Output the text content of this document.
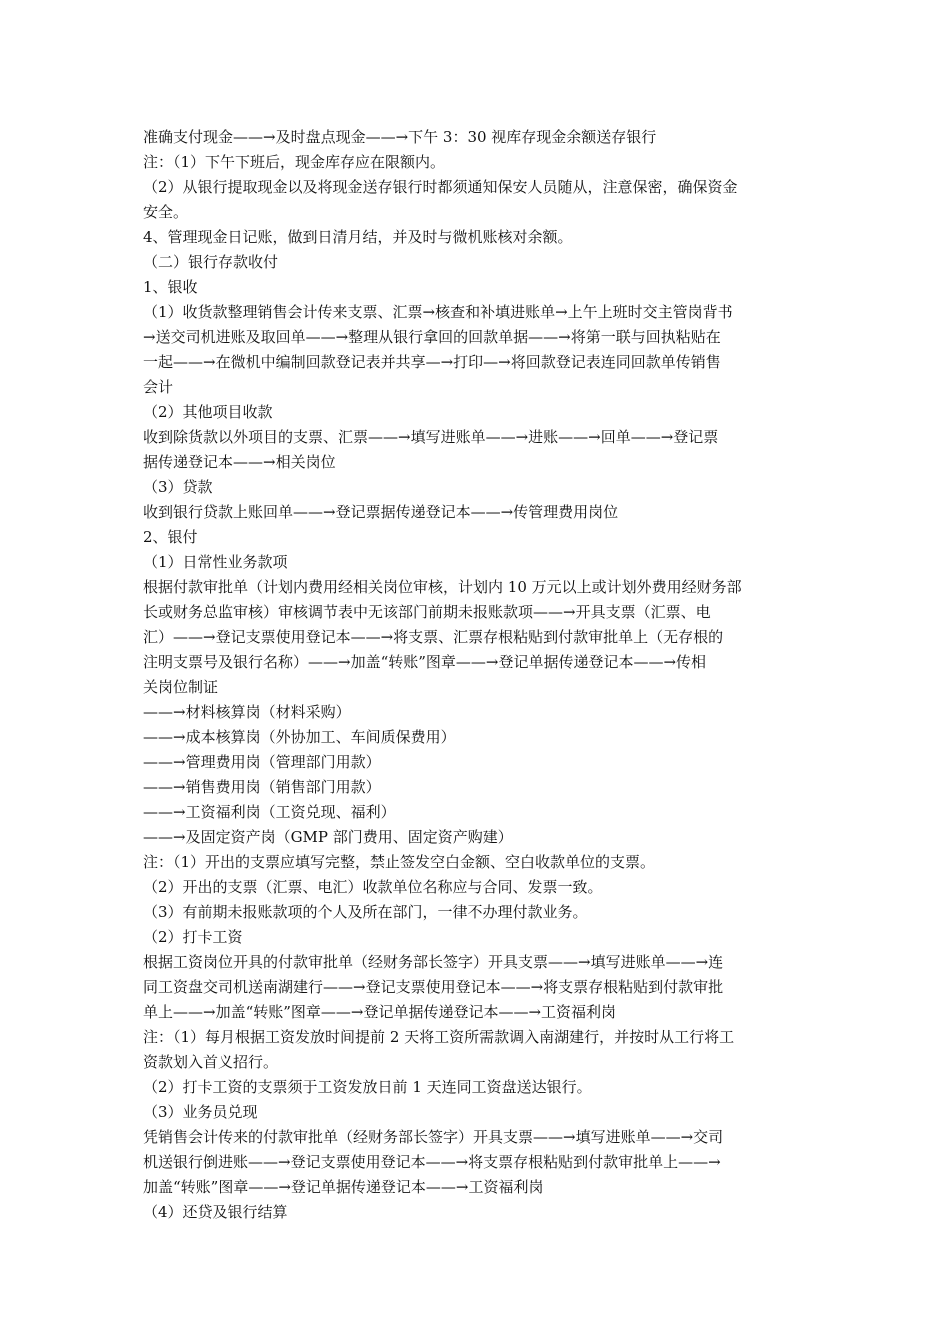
准确支付现金——→及时盘点现金——→下午 3：30 视库存现金余额送存银行
注：（1）下午下班后，现金库存应在限额内。
（2）从银行提取现金以及将现金送存银行时都须通知保安人员随从，注意保密，确保资金
安全。
4、管理现金日记账，做到日清月结，并及时与微机账核对余额。
（二）银行存款收付
1、银收
（1）收货款整理销售会计传来支票、汇票→核查和补填进账单→上午上班时交主管岗背书
→送交司机进账及取回单——→整理从银行拿回的回款单据——→将第一联与回执粘贴在
一起——→在微机中编制回款登记表并共享—→打印—→将回款登记表连同回款单传销售
会计
（2）其他项目收款
收到除货款以外项目的支票、汇票——→填写进账单——→进账——→回单——→登记票
据传递登记本——→相关岗位
（3）贷款
收到银行贷款上账回单——→登记票据传递登记本——→传管理费用岗位
2、银付
（1）日常性业务款项
根据付款审批单（计划内费用经相关岗位审核，计划内 10 万元以上或计划外费用经财务部
长或财务总监审核）审核调节表中无该部门前期未报账款项——→开具支票（汇票、电
汇）——→登记支票使用登记本——→将支票、汇票存根粘贴到付款审批单上（无存根的
注明支票号及银行名称）——→加盖“转账”图章——→登记单据传递登记本——→传相
关岗位制证
——→材料核算岗（材料采购）
——→成本核算岗（外协加工、车间质保费用）
——→管理费用岗（管理部门用款）
——→销售费用岗（销售部门用款）
——→工资福利岗（工资兑现、福利）
——→及固定资产岗（GMP 部门费用、固定资产购建）
注：（1）开出的支票应填写完整，禁止签发空白金额、空白收款单位的支票。
（2）开出的支票（汇票、电汇）收款单位名称应与合同、发票一致。
（3）有前期未报账款项的个人及所在部门，一律不办理付款业务。
（2）打卡工资
根据工资岗位开具的付款审批单（经财务部长签字）开具支票——→填写进账单——→连
同工资盘交司机送南湖建行——→登记支票使用登记本——→将支票存根粘贴到付款审批
单上——→加盖“转账”图章——→登记单据传递登记本——→工资福利岗
注：（1）每月根据工资发放时间提前 2 天将工资所需款调入南湖建行，并按时从工行将工
资款划入首义招行。
（2）打卡工资的支票须于工资发放日前 1 天连同工资盘送达银行。
（3）业务员兑现
凭销售会计传来的付款审批单（经财务部长签字）开具支票——→填写进账单——→交司
机送银行倒进账——→登记支票使用登记本——→将支票存根粘贴到付款审批单上——→
加盖“转账”图章——→登记单据传递登记本——→工资福利岗
（4）还贷及银行结算
